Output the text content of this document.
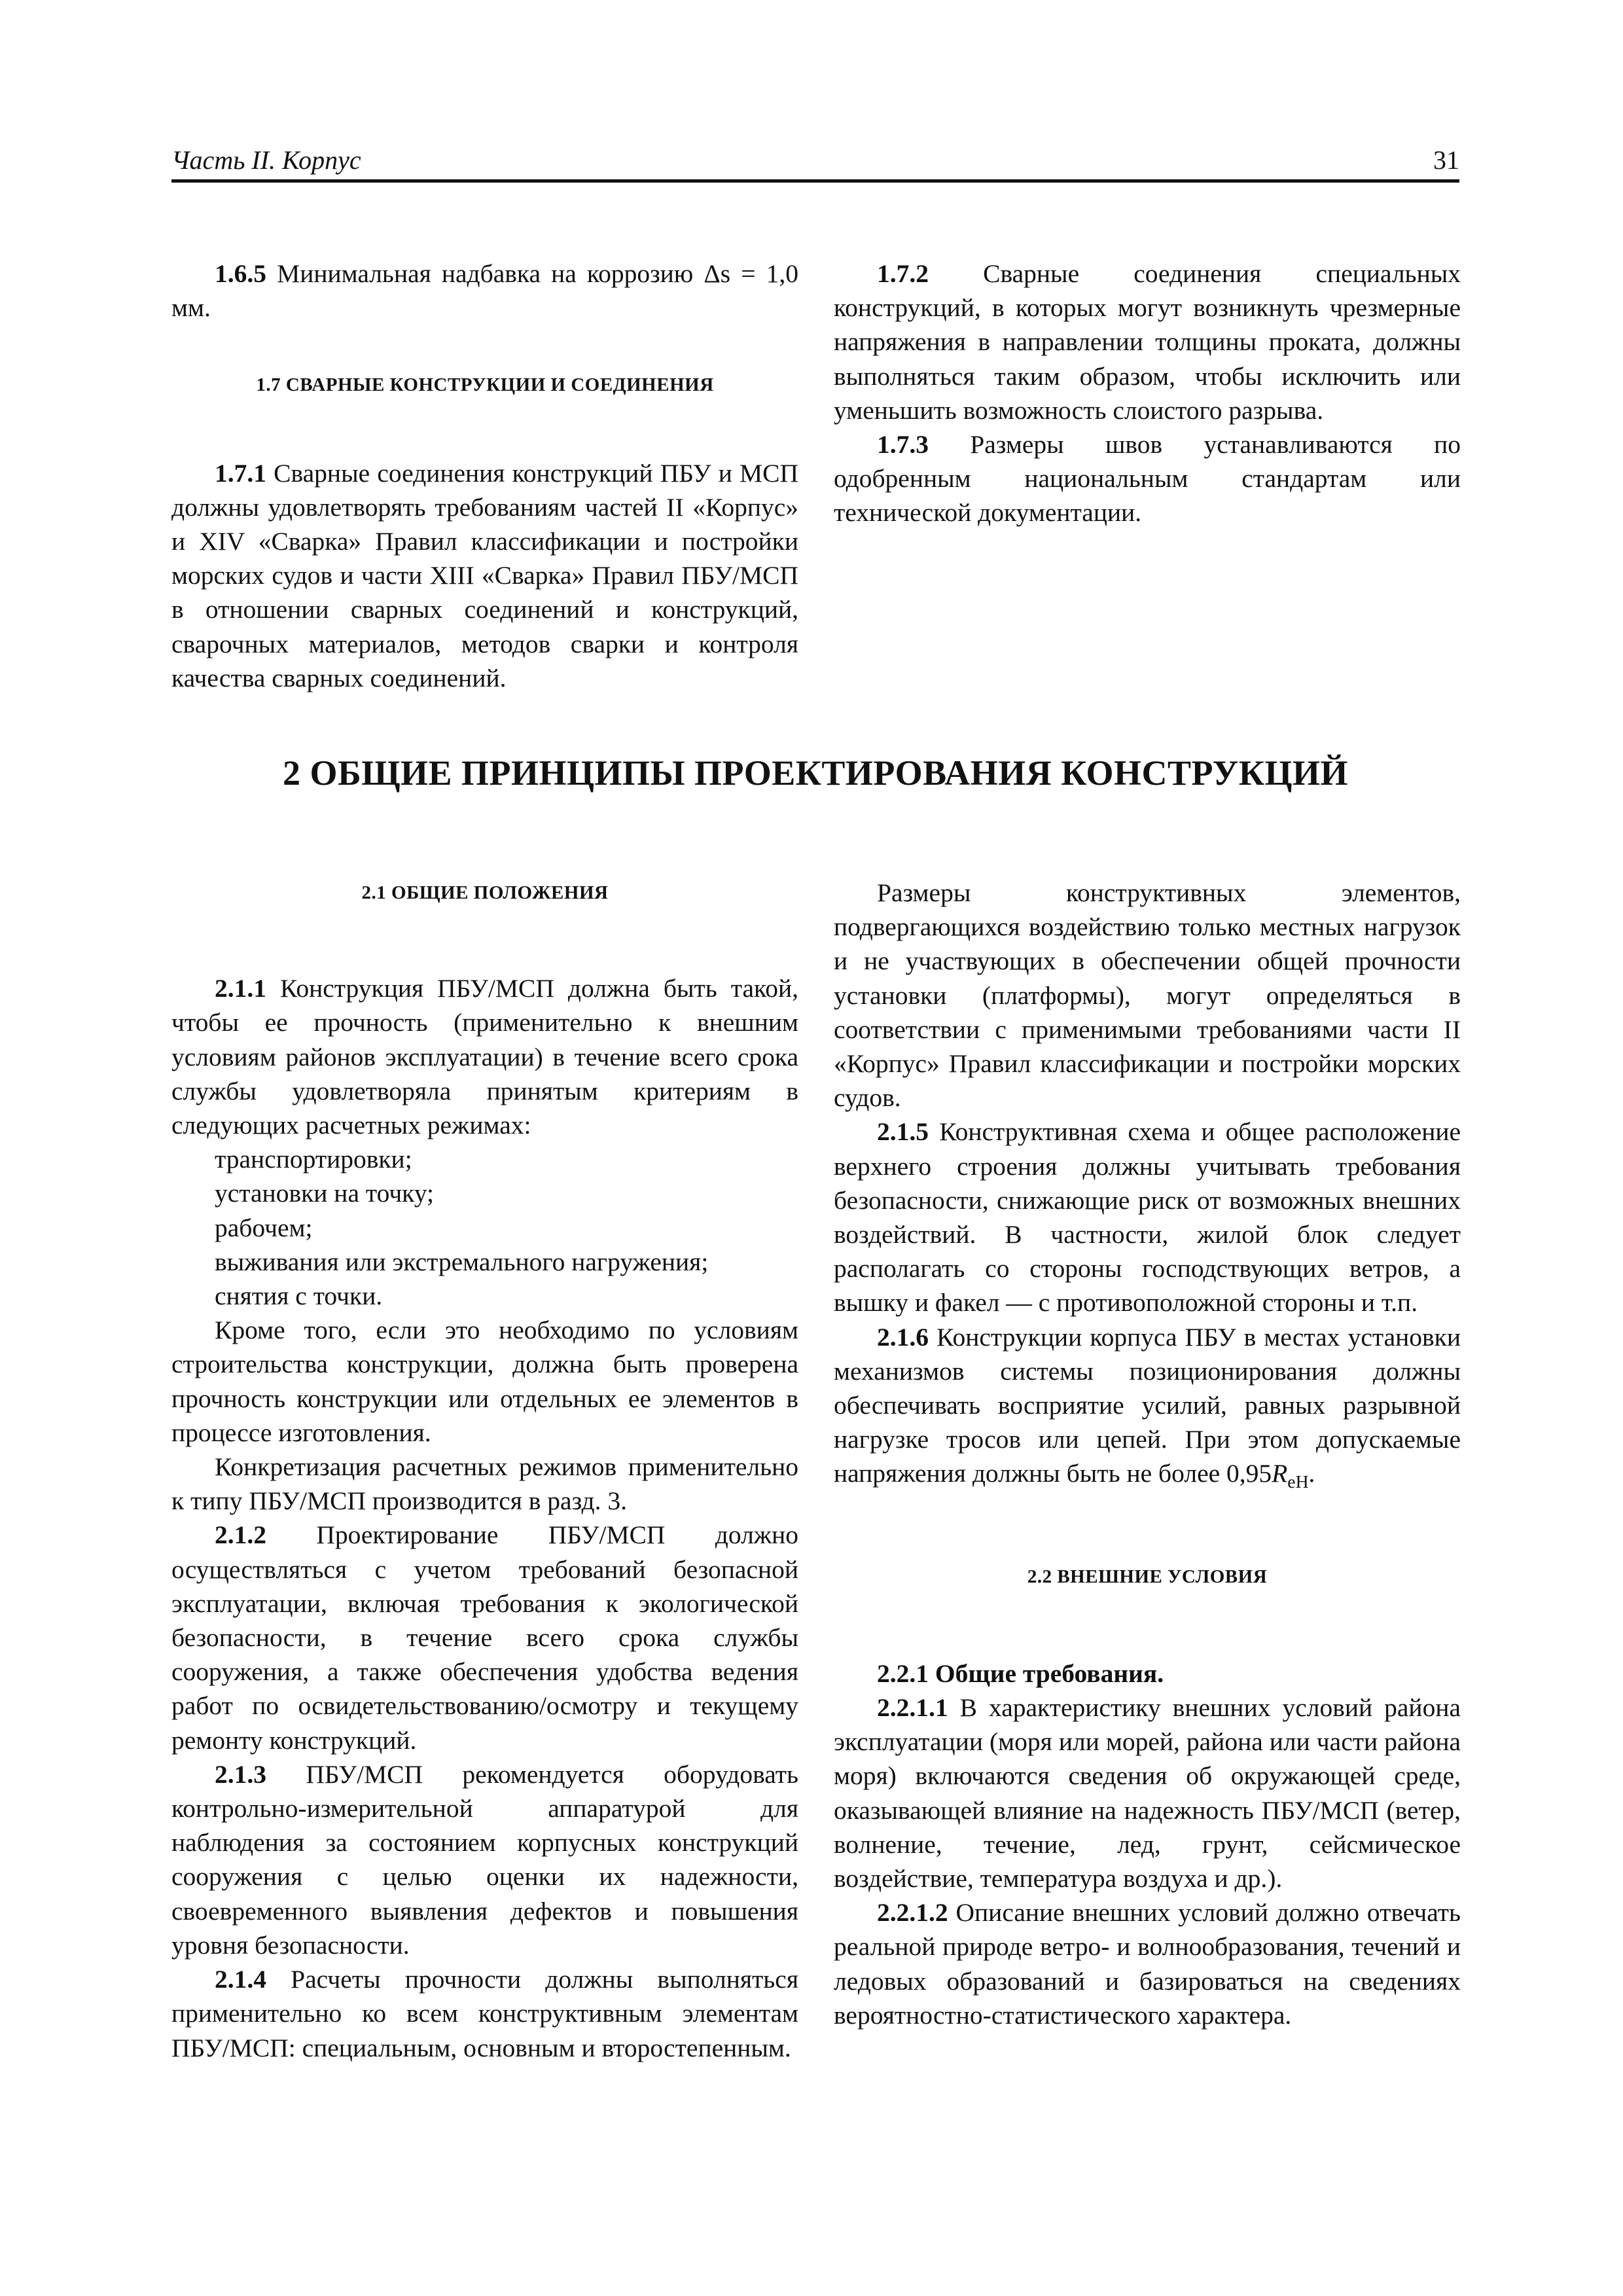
Часть II. Корпус	31

1.6.5 Минимальная надбавка на коррозию Δs = 1,0 мм.

1.7 СВАРНЫЕ КОНСТРУКЦИИ И СОЕДИНЕНИЯ

1.7.1 Сварные соединения конструкций ПБУ и МСП должны удовлетворять требованиям частей II «Корпус» и XIV «Сварка» Правил классификации и постройки морских судов и части XIII «Сварка» Правил ПБУ/МСП в отношении сварных соединений и конструкций, сварочных материалов, методов сварки и контроля качества сварных соединений.

1.7.2 Сварные соединения специальных конструкций, в которых могут возникнуть чрезмерные напряжения в направлении толщины проката, должны выполняться таким образом, чтобы исключить или уменьшить возможность слоистого разрыва.

1.7.3 Размеры швов устанавливаются по одобренным национальным стандартам или технической документации.

2 ОБЩИЕ ПРИНЦИПЫ ПРОЕКТИРОВАНИЯ КОНСТРУКЦИЙ

2.1 ОБЩИЕ ПОЛОЖЕНИЯ

2.1.1 Конструкция ПБУ/МСП должна быть такой, чтобы ее прочность (применительно к внешним условиям районов эксплуатации) в течение всего срока службы удовлетворяла принятым критериям в следующих расчетных режимах:

транспортировки;

установки на точку;

рабочем;

выживания или экстремального нагружения;

снятия с точки.

Кроме того, если это необходимо по условиям строительства конструкции, должна быть проверена прочность конструкции или отдельных ее элементов в процессе изготовления.

Конкретизация расчетных режимов применительно к типу ПБУ/МСП производится в разд. 3.

2.1.2 Проектирование ПБУ/МСП должно осуществляться с учетом требований безопасной эксплуатации, включая требования к экологической безопасности, в течение всего срока службы сооружения, а также обеспечения удобства ведения работ по освидетельствованию/осмотру и текущему ремонту конструкций.

2.1.3 ПБУ/МСП рекомендуется оборудовать контрольно-измерительной аппаратурой для наблюдения за состоянием корпусных конструкций сооружения с целью оценки их надежности, своевременного выявления дефектов и повышения уровня безопасности.

2.1.4 Расчеты прочности должны выполняться применительно ко всем конструктивным элементам ПБУ/МСП: специальным, основным и второстепенным.

Размеры конструктивных элементов, подвергающихся воздействию только местных нагрузок и не участвующих в обеспечении общей прочности установки (платформы), могут определяться в соответствии с применимыми требованиями части II «Корпус» Правил классификации и постройки морских судов.

2.1.5 Конструктивная схема и общее расположение верхнего строения должны учитывать требования безопасности, снижающие риск от возможных внешних воздействий. В частности, жилой блок следует располагать со стороны господствующих ветров, а вышку и факел — с противоположной стороны и т.п.

2.1.6 Конструкции корпуса ПБУ в местах установки механизмов системы позиционирования должны обеспечивать восприятие усилий, равных разрывной нагрузке тросов или цепей. При этом допускаемые напряжения должны быть не более $0,95R_{eH}$.

2.2 ВНЕШНИЕ УСЛОВИЯ

2.2.1 Общие требования.

2.2.1.1 В характеристику внешних условий района эксплуатации (моря или морей, района или части района моря) включаются сведения об окружающей среде, оказывающей влияние на надежность ПБУ/МСП (ветер, волнение, течение, лед, грунт, сейсмическое воздействие, температура воздуха и др.).

2.2.1.2 Описание внешних условий должно отвечать реальной природе ветро- и волнообразования, течений и ледовых образований и базироваться на сведениях вероятностно-статистического характера.
